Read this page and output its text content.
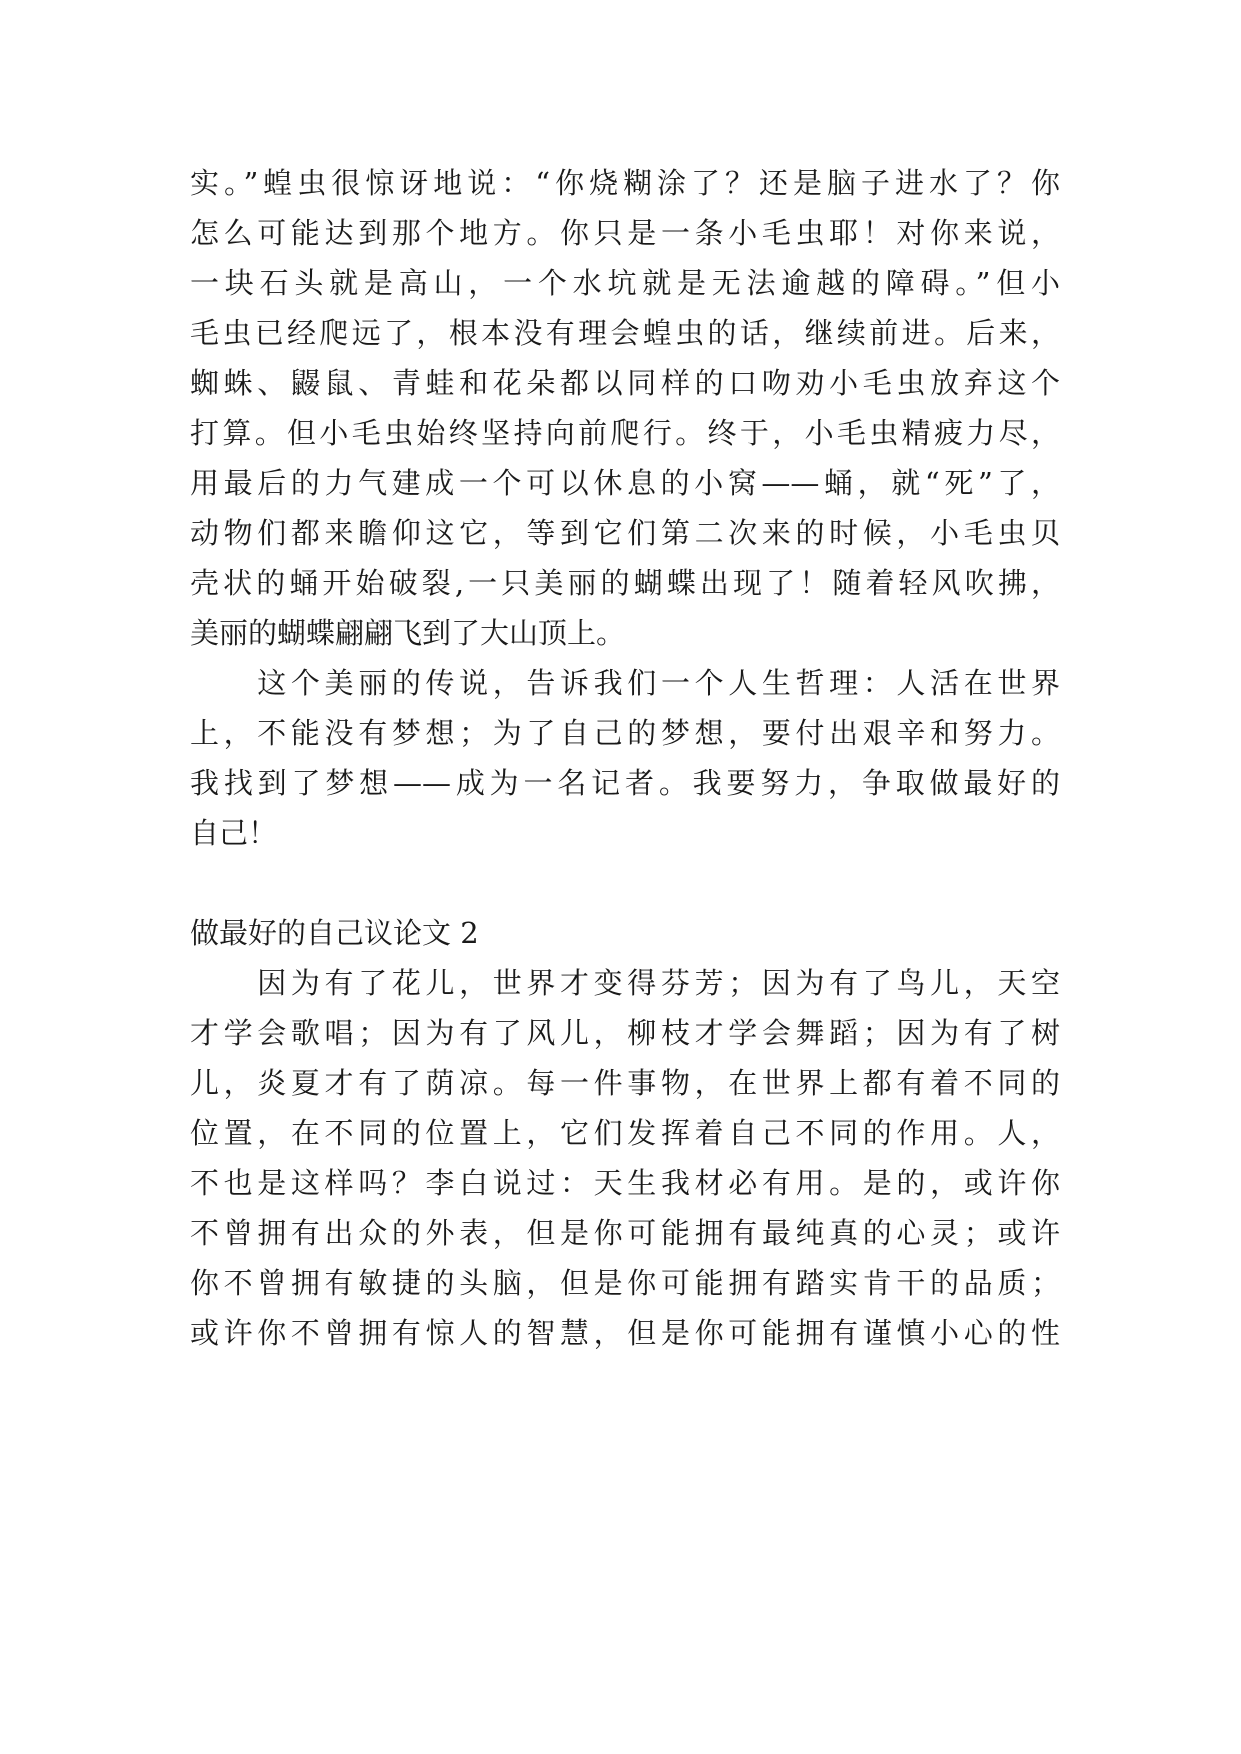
实。”蝗虫很惊讶地说：“你烧糊涂了？还是脑子进水了？你
怎么可能达到那个地方。你只是一条小毛虫耶！对你来说，
一块石头就是高山，一个水坑就是无法逾越的障碍。”但小
毛虫已经爬远了，根本没有理会蝗虫的话，继续前进。后来，
蜘蛛、鼹鼠、青蛙和花朵都以同样的口吻劝小毛虫放弃这个
打算。但小毛虫始终坚持向前爬行。终于，小毛虫精疲力尽，
用最后的力气建成一个可以休息的小窝——蛹，就“死”了，
动物们都来瞻仰这它，等到它们第二次来的时候，小毛虫贝
壳状的蛹开始破裂,一只美丽的蝴蝶出现了！随着轻风吹拂，
美丽的蝴蝶翩翩飞到了大山顶上。
　　这个美丽的传说，告诉我们一个人生哲理：人活在世界
上，不能没有梦想；为了自己的梦想，要付出艰辛和努力。
我找到了梦想——成为一名记者。我要努力，争取做最好的
自己！
做最好的自己议论文 2
　　因为有了花儿，世界才变得芬芳；因为有了鸟儿，天空
才学会歌唱；因为有了风儿，柳枝才学会舞蹈；因为有了树
儿，炎夏才有了荫凉。每一件事物，在世界上都有着不同的
位置，在不同的位置上，它们发挥着自己不同的作用。人，
不也是这样吗？李白说过：天生我材必有用。是的，或许你
不曾拥有出众的外表，但是你可能拥有最纯真的心灵；或许
你不曾拥有敏捷的头脑，但是你可能拥有踏实肯干的品质；
或许你不曾拥有惊人的智慧，但是你可能拥有谨慎小心的性
